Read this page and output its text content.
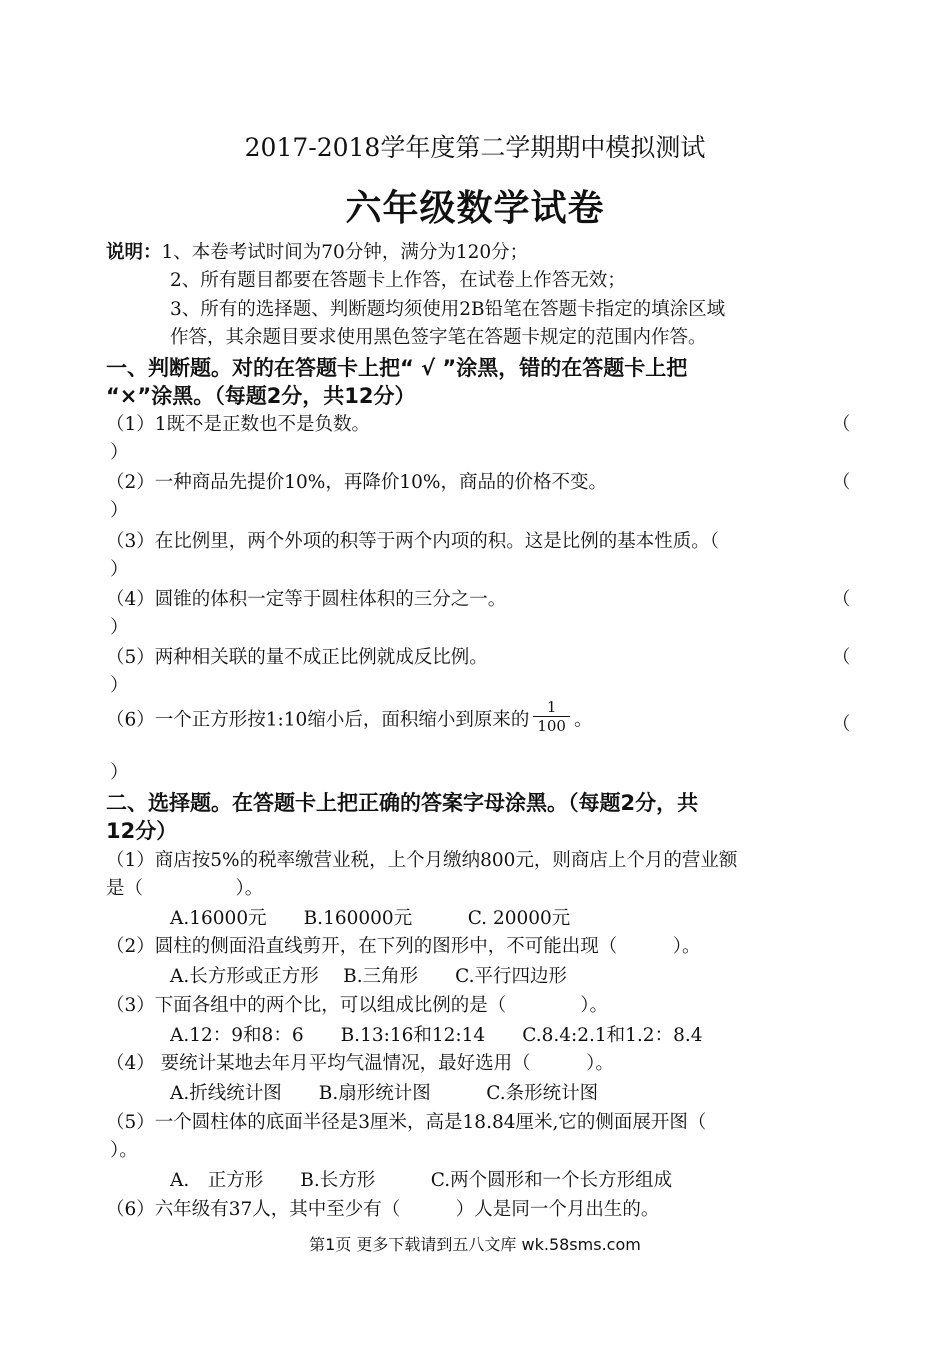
2017-2018学年度第二学期期中模拟测试
六年级数学试卷
说明：1、本卷考试时间为70分钟，满分为120分；
2、所有题目都要在答题卡上作答，在试卷上作答无效；
3、所有的选择题、判断题均须使用2B铅笔在答题卡指定的填涂区域
作答，其余题目要求使用黑色签字笔在答题卡规定的范围内作答。
一、判断题。对的在答题卡上把“ √ ”涂黑，错的在答题卡上把
“×”涂黑。（每题2分，共12分）
（1）1既不是正数也不是负数。	（
）
（2）一种商品先提价10%，再降价10%，商品的价格不变。	（
）
（3）在比例里，两个外项的积等于两个内项的积。这是比例的基本性质。（
）
（4）圆锥的体积一定等于圆柱体积的三分之一。	（
）
（5）两种相关联的量不成正比例就成反比例。	（
）
（6）一个正方形按1:10缩小后，面积缩小到原来的 $\frac{1}{100}$ 。	（
）
二、选择题。在答题卡上把正确的答案字母涂黑。（每题2分，共
12分）
（1）商店按5%的税率缴营业税，上个月缴纳800元，则商店上个月的营业额
是（　　　　　）。
A.16000元　　B.160000元　　　C. 20000元
（2）圆柱的侧面沿直线剪开，在下列的图形中，不可能出现（　　　）。
A.长方形或正方形　 B.三角形　　C.平行四边形
（3）下面各组中的两个比，可以组成比例的是（　　　　）。
A.12：9和8：6　　B.13:16和12:14　　C.8.4:2.1和1.2：8.4
（4） 要统计某地去年月平均气温情况，最好选用（　　　）。
A.折线统计图　　B.扇形统计图　　　C.条形统计图
（5）一个圆柱体的底面半径是3厘米，高是18.84厘米,它的侧面展开图（
）。
A.　正方形　　B.长方形　　　C.两个圆形和一个长方形组成
（6）六年级有37人，其中至少有（　　　）人是同一个月出生的。
第1页 更多下载请到五八文库 wk.58sms.com
